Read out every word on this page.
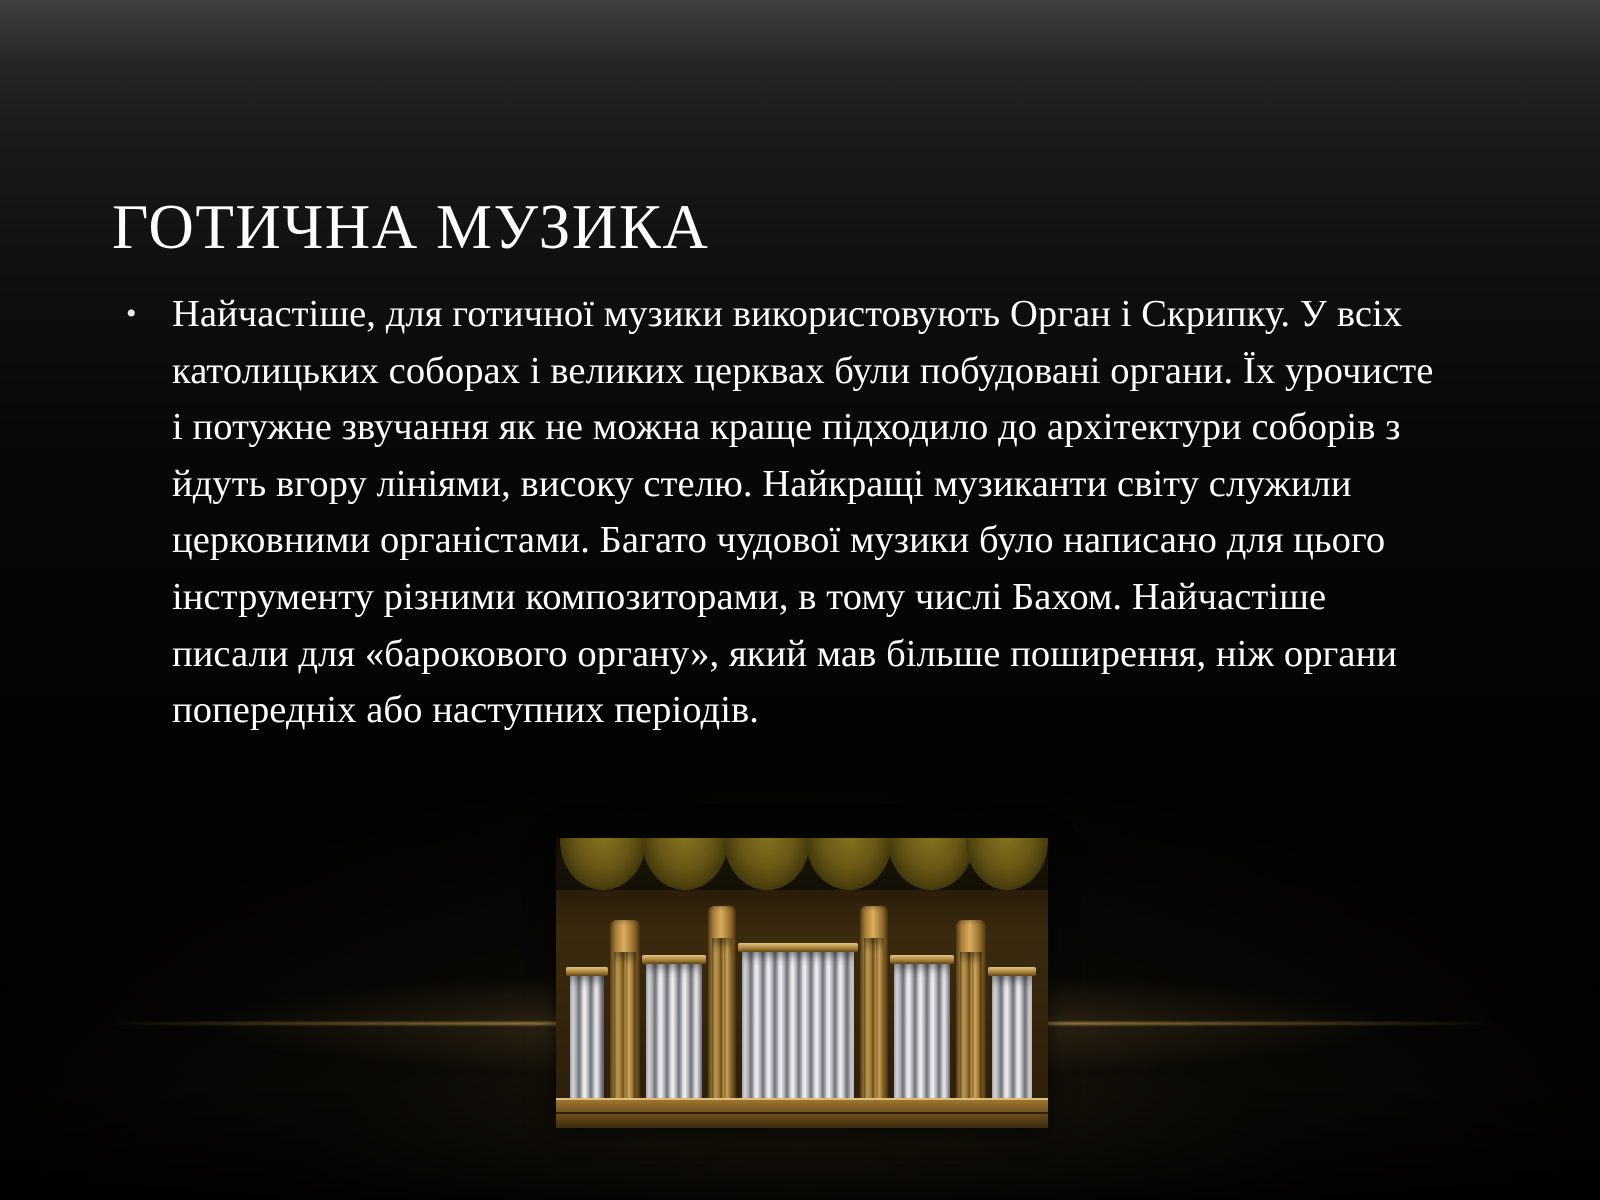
ГОТИЧНА МУЗИКА
• Найчастіше, для готичної музики використовують Орган і Скрипку. У всіх католицьких соборах і великих церквах були побудовані органи. Їх урочисте і потужне звучання як не можна краще підходило до архітектури соборів з йдуть вгору лініями, високу стелю. Найкращі музиканти світу служили церковними органістами. Багато чудової музики було написано для цього інструменту різними композиторами, в тому числі Бахом. Найчастіше писали для «барокового органу», який мав більше поширення, ніж органи попередніх або наступних періодів.
